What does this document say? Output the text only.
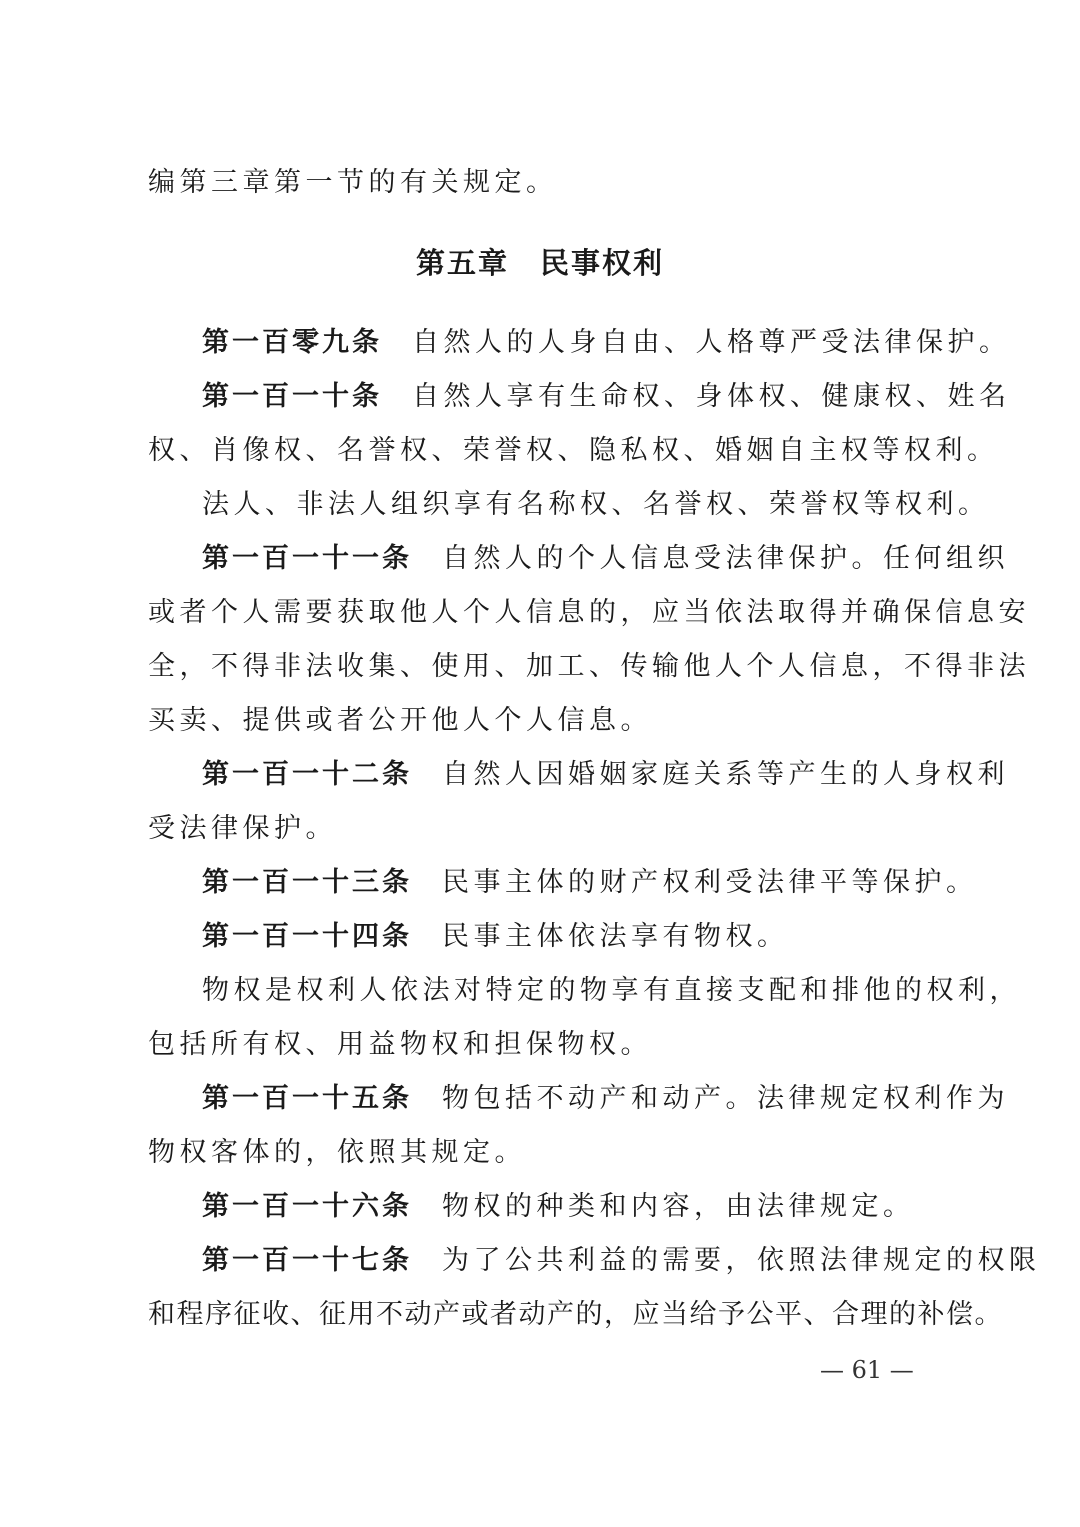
编第三章第一节的有关规定。
第五章　民事权利
第一百零九条 自然人的人身自由、人格尊严受法律保护。
第一百一十条 自然人享有生命权、身体权、健康权、姓名
权、肖像权、名誉权、荣誉权、隐私权、婚姻自主权等权利。
法人、非法人组织享有名称权、名誉权、荣誉权等权利。
第一百一十一条 自然人的个人信息受法律保护。任何组织
或者个人需要获取他人个人信息的，应当依法取得并确保信息安
全，不得非法收集、使用、加工、传输他人个人信息，不得非法
买卖、提供或者公开他人个人信息。
第一百一十二条 自然人因婚姻家庭关系等产生的人身权利
受法律保护。
第一百一十三条 民事主体的财产权利受法律平等保护。
第一百一十四条 民事主体依法享有物权。
物权是权利人依法对特定的物享有直接支配和排他的权利，
包括所有权、用益物权和担保物权。
第一百一十五条 物包括不动产和动产。法律规定权利作为
物权客体的，依照其规定。
第一百一十六条 物权的种类和内容，由法律规定。
第一百一十七条 为了公共利益的需要，依照法律规定的权限
和程序征收、征用不动产或者动产的，应当给予公平、合理的补偿。
— 61 —
